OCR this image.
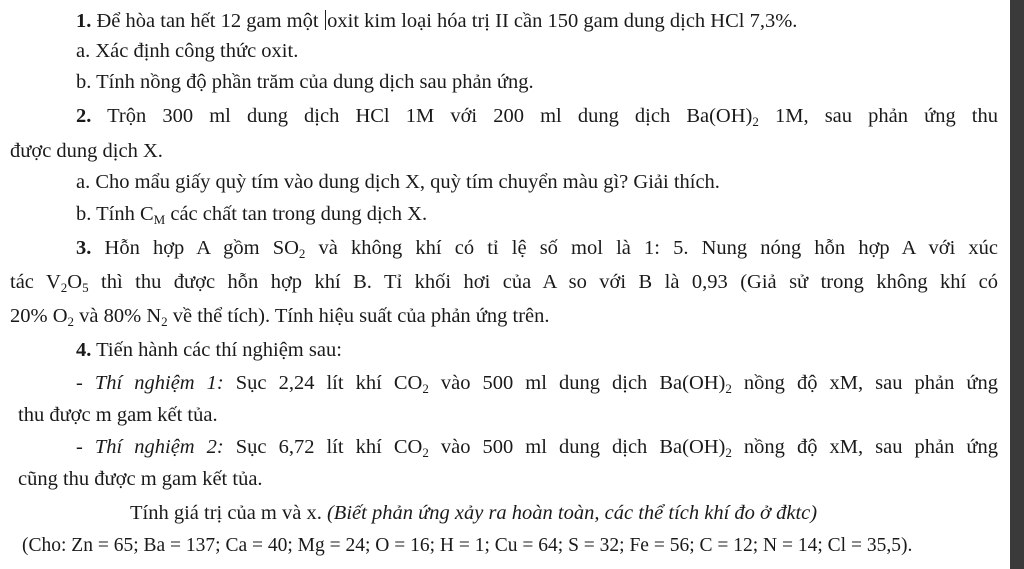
1. Để hòa tan hết 12 gam một oxit kim loại hóa trị II cần 150 gam dung dịch HCl 7,3%.
a. Xác định công thức oxit.
b. Tính nồng độ phần trăm của dung dịch sau phản ứng.
2. Trộn 300 ml dung dịch HCl 1M với 200 ml dung dịch $Ba(OH)_2$ 1M, sau phản ứng thu
được dung dịch X.
a. Cho mẩu giấy quỳ tím vào dung dịch X, quỳ tím chuyển màu gì? Giải thích.
b. Tính $C_M$ các chất tan trong dung dịch X.
3. Hỗn hợp A gồm $SO_2$ và không khí có tỉ lệ số mol là 1: 5. Nung nóng hỗn hợp A với xúc
tác $V_2O_5$ thì thu được hỗn hợp khí B. Tỉ khối hơi của A so với B là 0,93 (Giả sử trong không khí có
20% $O_2$ và 80% $N_2$ về thể tích). Tính hiệu suất của phản ứng trên.
4. Tiến hành các thí nghiệm sau:
- Thí nghiệm 1: Sục 2,24 lít khí $CO_2$ vào 500 ml dung dịch $Ba(OH)_2$ nồng độ xM, sau phản ứng
thu được m gam kết tủa.
- Thí nghiệm 2: Sục 6,72 lít khí $CO_2$ vào 500 ml dung dịch $Ba(OH)_2$ nồng độ xM, sau phản ứng
cũng thu được m gam kết tủa.
Tính giá trị của m và x. (Biết phản ứng xảy ra hoàn toàn, các thể tích khí đo ở đktc)
(Cho: Zn = 65; Ba = 137; Ca = 40; Mg = 24; O = 16; H = 1; Cu = 64; S = 32; Fe = 56; C = 12; N = 14; Cl = 35,5).
